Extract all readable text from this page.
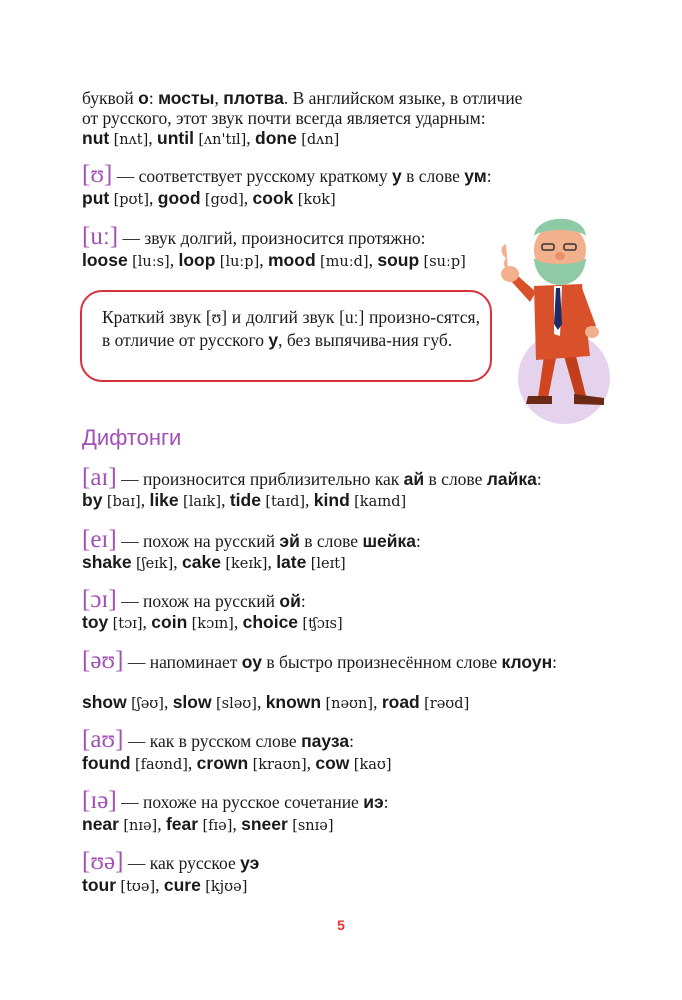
буквой о: мосты, плотва. В английском языке, в отличие
от русского, этот звук почти всегда является ударным:
nut [nʌt], until [ʌn'tɪl], done [dʌn]
[ʊ] — соответствует русскому краткому у в слове ум:
put [pʊt], good [gʊd], cook [kʊk]
[uː] — звук долгий, произносится протяжно:
loose [luːs], loop [luːp], mood [muːd], soup [suːp]
Краткий звук [ʊ] и долгий звук [uː] произно-сятся, в отличие от русского у, без выпячива-ния губ.
Дифтонги
[aɪ] — произносится приблизительно как ай в слове лайка:
by [baɪ], like [laɪk], tide [taɪd], kind [kaɪnd]
[eɪ] — похож на русский эй в слове шейка:
shake [ʃeɪk], cake [keɪk], late [leɪt]
[ɔɪ] — похож на русский ой:
toy [tɔɪ], coin [kɔɪn], choice [ʧɔɪs]
[əʊ] — напоминает оу в быстро произнесённом слове клоун:
show [ʃəʊ], slow [sləʊ], known [nəʊn], road [rəʊd]
[aʊ] — как в русском слове пауза:
found [faʊnd], crown [kraʊn], cow [kaʊ]
[ɪə] — похоже на русское сочетание иэ:
near [nɪə], fear [fɪə], sneer [snɪə]
[ʊə] — как русское уэ
tour [tʊə], cure [kjʊə]
5
